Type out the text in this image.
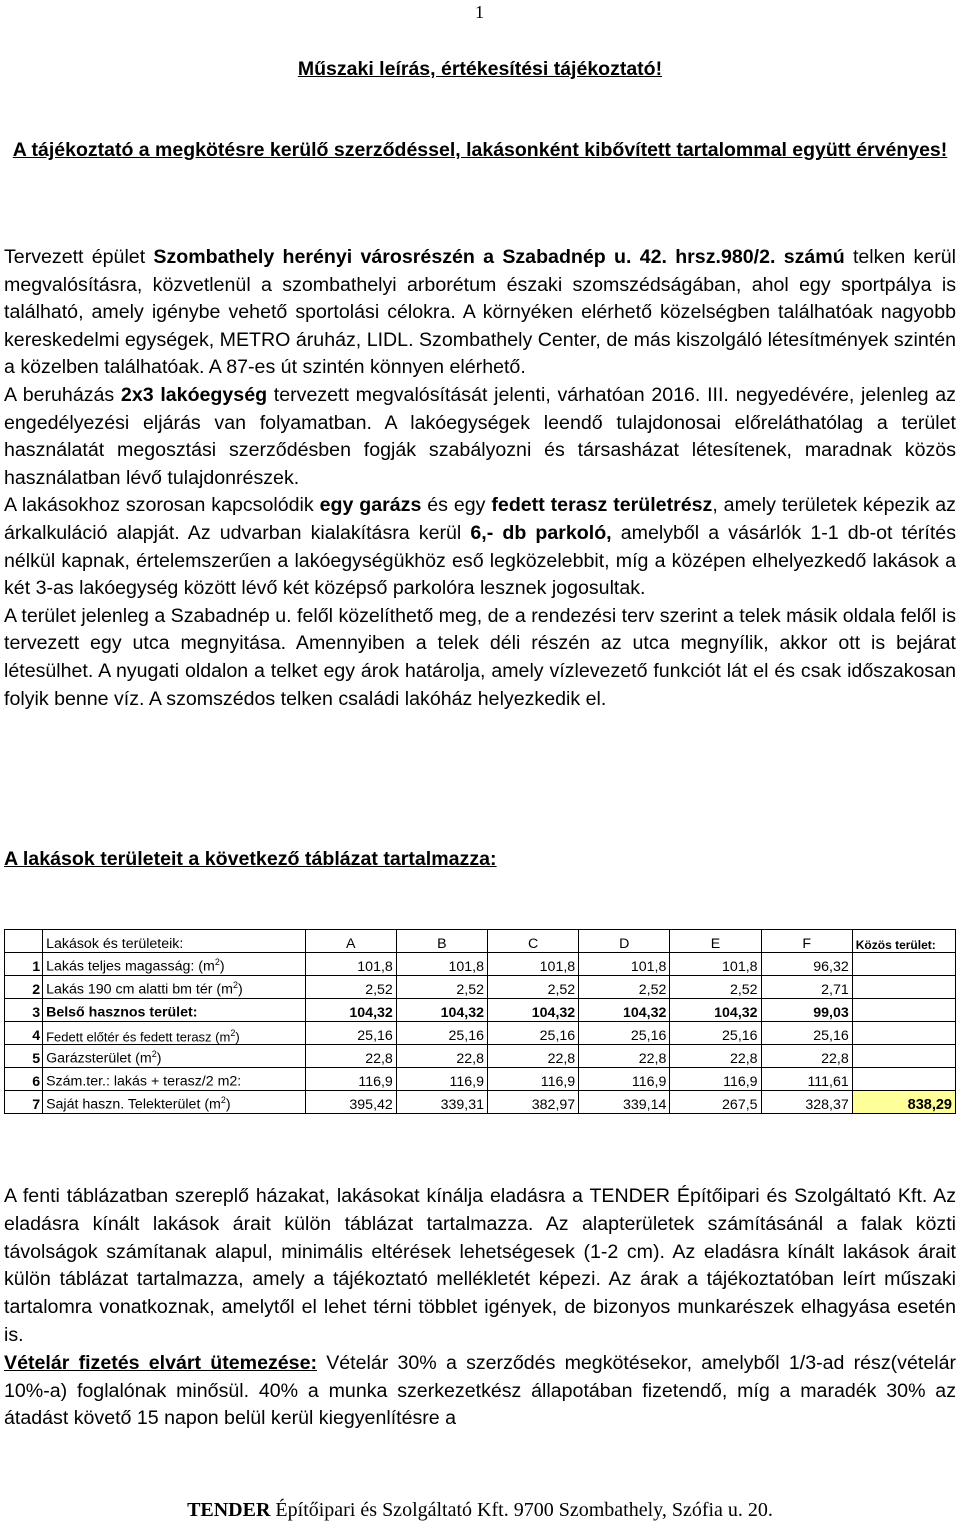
1
Műszaki leírás, értékesítési tájékoztató!
A tájékoztató a megkötésre kerülő szerződéssel, lakásonként kibővített tartalommal együtt érvényes!

Tervezett épület Szombathely herényi városrészén a Szabadnép u. 42. hrsz.980/2. számú telken kerül megvalósításra, közvetlenül a szombathelyi arborétum északi szomszédságában, ahol egy sportpálya is található, amely igénybe vehető sportolási célokra. A környéken elérhető közelségben találhatóak nagyobb kereskedelmi egységek, METRO áruház, LIDL. Szombathely Center, de más kiszolgáló létesítmények szintén a közelben találhatóak. A 87-es út szintén könnyen elérhető.

A beruházás 2x3 lakóegység tervezett megvalósítását jelenti, várhatóan 2016. III. negyedévére, jelenleg az engedélyezési eljárás van folyamatban. A lakóegységek leendő tulajdonosai előreláthatólag a terület használatát megosztási szerződésben fogják szabályozni és társasházat létesítenek, maradnak közös használatban lévő tulajdonrészek.

A lakásokhoz szorosan kapcsolódik egy garázs és egy fedett terasz területrész, amely területek képezik az árkalkuláció alapját. Az udvarban kialakításra kerül 6,- db parkoló, amelyből a vásárlók 1-1 db-ot térítés nélkül kapnak, értelemszerűen a lakóegységükhöz eső legközelebbit, míg a középen elhelyezkedő lakások a két 3-as lakóegység között lévő két középső parkolóra lesznek jogosultak.

A terület jelenleg a Szabadnép u. felől közelíthető meg, de a rendezési terv szerint a telek másik oldala felől is tervezett egy utca megnyitása. Amennyiben a telek déli részén az utca megnyílik, akkor ott is bejárat létesülhet. A nyugati oldalon a telket egy árok határolja, amely vízlevezető funkciót lát el és csak időszakosan folyik benne víz. A szomszédos telken családi lakóház helyezkedik el.

A lakások területeit a következő táblázat tartalmazza:
	Lakások és területeik:	A	B	C	D	E	F	Közös terület:
1	Lakás teljes magasság: $(m^2)$	101,8	101,8	101,8	101,8	101,8	96,32	
2	Lakás 190 cm alatti bm tér $(m^2)$	2,52	2,52	2,52	2,52	2,52	2,71	
3	Belső hasznos terület:	104,32	104,32	104,32	104,32	104,32	99,03	
4	Fedett előtér és fedett terasz $(m^2)$	25,16	25,16	25,16	25,16	25,16	25,16	
5	Garázsterület $(m^2)$	22,8	22,8	22,8	22,8	22,8	22,8	
6	Szám.ter.: lakás + terasz/2 m2:	116,9	116,9	116,9	116,9	116,9	111,61	
7	Saját haszn. Telekterület $(m^2)$	395,42	339,31	382,97	339,14	267,5	328,37	838,29

A fenti táblázatban szereplő házakat, lakásokat kínálja eladásra a TENDER Építőipari és Szolgáltató Kft. Az eladásra kínált lakások árait külön táblázat tartalmazza. Az alapterületek számításánál a falak közti távolságok számítanak alapul, minimális eltérések lehetségesek (1-2 cm). Az eladásra kínált lakások árait külön táblázat tartalmazza, amely a tájékoztató mellékletét képezi. Az árak a tájékoztatóban leírt műszaki tartalomra vonatkoznak, amelytől el lehet térni többlet igények, de bizonyos munkarészek elhagyása esetén is.

Vételár fizetés elvárt ütemezése: Vételár 30% a szerződés megkötésekor, amelyből 1/3-ad rész(vételár 10%-a) foglalónak minősül. 40% a munka szerkezetkész állapotában fizetendő, míg a maradék 30% az átadást követő 15 napon belül kerül kiegyenlítésre a

TENDER Építőipari és Szolgáltató Kft. 9700 Szombathely, Szófia u. 20.
